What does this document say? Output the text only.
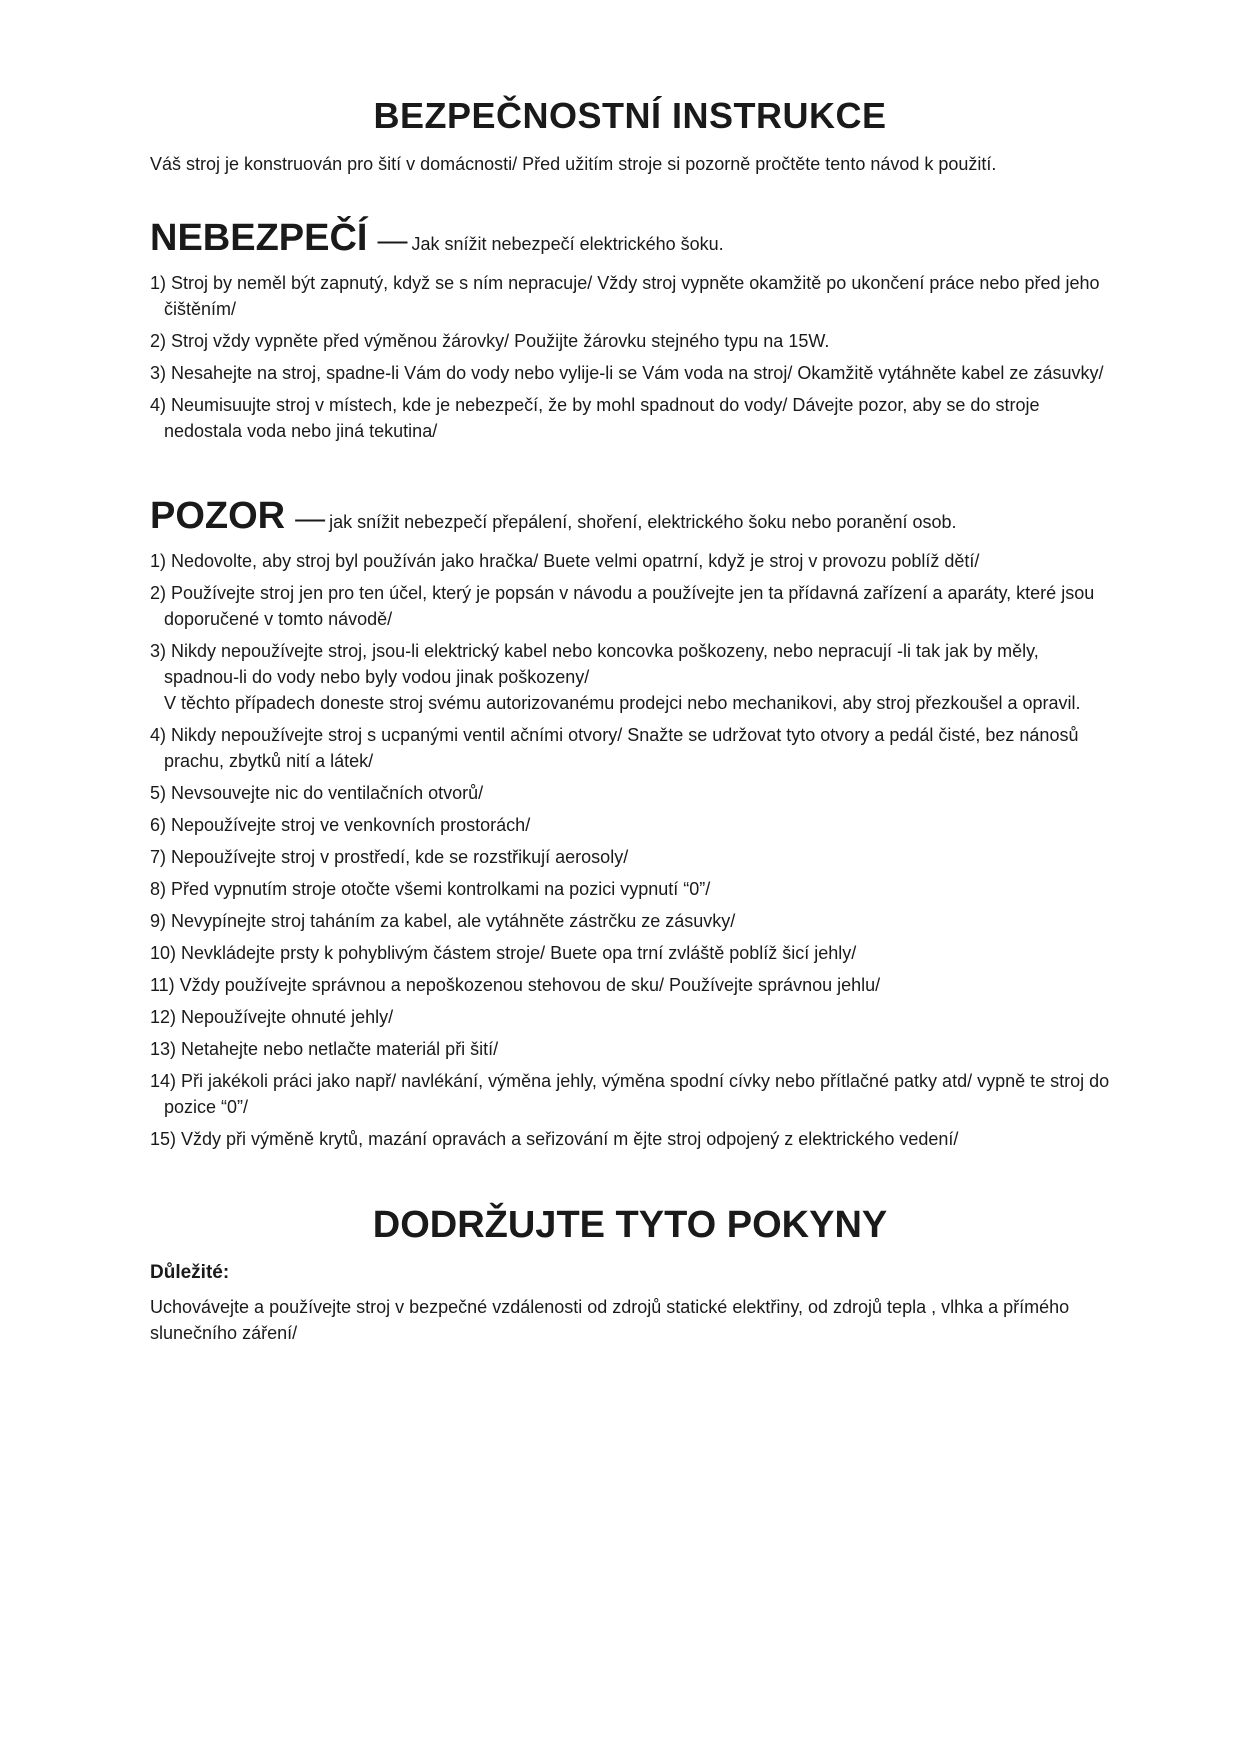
BEZPEČNOSTNÍ INSTRUKCE

Váš stroj je konstruován pro šití v domácnosti/ Před užitím stroje si pozorně pročtěte tento návod k použití.

NEBEZPEČÍ — Jak snížit nebezpečí elektrického šoku.
1) Stroj by neměl být zapnutý, když se s ním nepracuje/ Vždy stroj vypněte okamžitě po ukončení práce nebo před jeho čištěním/
2) Stroj vždy vypněte před výměnou žárovky/ Použijte žárovku stejného typu na 15W.
3) Nesahejte na stroj, spadne-li Vám do vody nebo vylije-li se Vám voda na stroj/ Okamžitě vytáhněte kabel ze zásuvky/
4) Neumisuujte stroj v místech, kde je nebezpečí, že by mohl spadnout do vody/ Dávejte pozor, aby se do stroje nedostala voda nebo jiná tekutina/
POZOR — jak snížit nebezpečí přepálení, shoření, elektrického šoku nebo poranění osob.
1) Nedovolte, aby stroj byl používán jako hračka/ Buete velmi opatrní, když je stroj v provozu poblíž dětí/
2) Používejte stroj jen pro ten účel, který je popsán v návodu a používejte jen ta přídavná zařízení a aparáty, které jsou doporučené v tomto návodě/
3) Nikdy nepoužívejte stroj, jsou-li elektrický kabel nebo koncovka poškozeny, nebo nepracují -li tak jak by měly, spadnou-li do vody nebo byly vodou jinak poškozeny/
V těchto případech doneste stroj svému autorizovanému prodejci nebo mechanikovi, aby stroj přezkoušel a opravil.
4) Nikdy nepoužívejte stroj s ucpanými ventil ačními otvory/ Snažte se udržovat tyto otvory a pedál čisté, bez nánosů prachu, zbytků nití a látek/
5) Nevsouvejte nic do ventilačních otvorů/
6) Nepoužívejte stroj ve venkovních prostorách/
7) Nepoužívejte stroj v prostředí, kde se rozstřikují aerosoly/
8) Před vypnutím stroje otočte všemi kontrolkami na pozici vypnutí “0”/
9) Nevypínejte stroj taháním za kabel, ale vytáhněte zástrčku ze zásuvky/
10) Nevkládejte prsty k pohyblivým částem stroje/ Buete opa trní zvláště poblíž šicí jehly/
11) Vždy používejte správnou a nepoškozenou stehovou de sku/ Používejte správnou jehlu/
12) Nepoužívejte ohnuté jehly/
13) Netahejte nebo netlačte materiál při šití/
14) Při jakékoli práci jako např/ navlékání, výměna jehly, výměna spodní cívky nebo přítlačné patky atd/ vypně te stroj do pozice “0”/
15) Vždy při výměně krytů, mazání opravách a seřizování m ějte stroj odpojený z elektrického vedení/
DODRŽUJTE TYTO POKYNY

Důležité:

Uchovávejte a používejte stroj v bezpečné vzdálenosti od zdrojů statické elektřiny, od zdrojů tepla , vlhka a přímého slunečního záření/
